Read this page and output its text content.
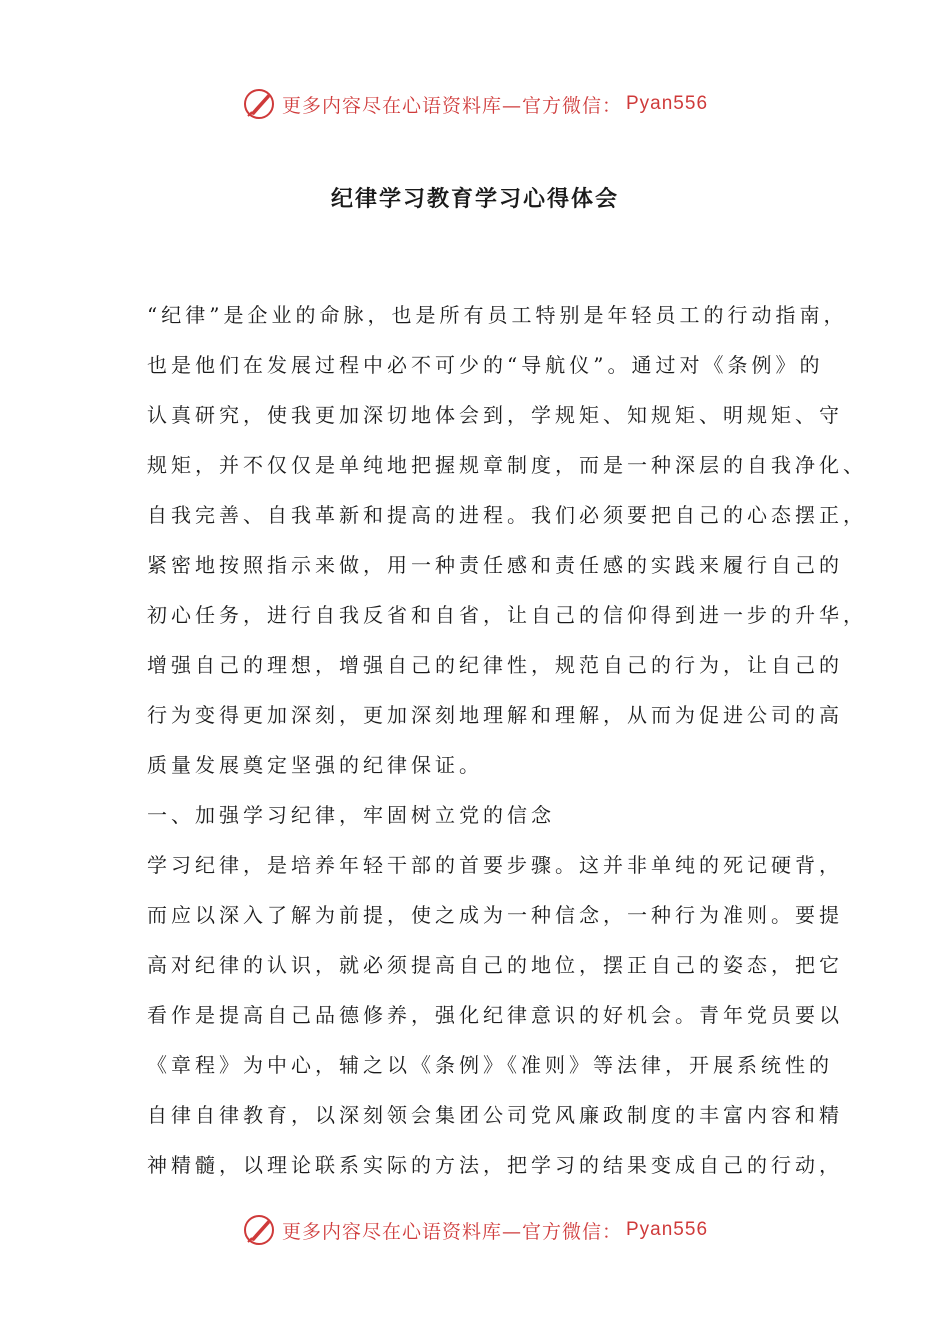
更多内容尽在心语资料库—官方微信： Pyan556
纪律学习教育学习心得体会
“纪律”是企业的命脉，也是所有员工特别是年轻员工的行动指南，
也是他们在发展过程中必不可少的“导航仪”。通过对《条例》的
认真研究，使我更加深切地体会到，学规矩、知规矩、明规矩、守
规矩，并不仅仅是单纯地把握规章制度，而是一种深层的自我净化、
自我完善、自我革新和提高的进程。我们必须要把自己的心态摆正，
紧密地按照指示来做，用一种责任感和责任感的实践来履行自己的
初心任务，进行自我反省和自省，让自己的信仰得到进一步的升华，
增强自己的理想，增强自己的纪律性，规范自己的行为，让自己的
行为变得更加深刻，更加深刻地理解和理解，从而为促进公司的高
质量发展奠定坚强的纪律保证。
一、加强学习纪律，牢固树立党的信念
学习纪律，是培养年轻干部的首要步骤。这并非单纯的死记硬背，
而应以深入了解为前提，使之成为一种信念，一种行为准则。要提
高对纪律的认识，就必须提高自己的地位，摆正自己的姿态，把它
看作是提高自己品德修养，强化纪律意识的好机会。青年党员要以
《章程》为中心，辅之以《条例》《准则》等法律，开展系统性的
自律自律教育，以深刻领会集团公司党风廉政制度的丰富内容和精
神精髓，以理论联系实际的方法，把学习的结果变成自己的行动，
更多内容尽在心语资料库—官方微信： Pyan556
